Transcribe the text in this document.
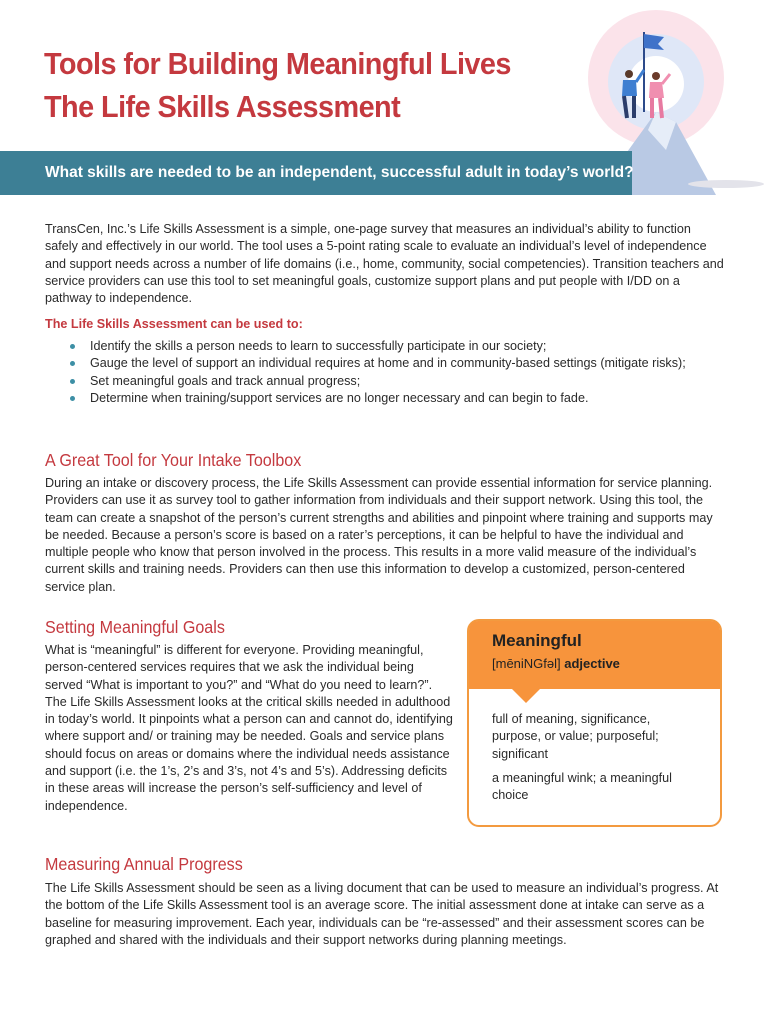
Tools for Building Meaningful Lives
The Life Skills Assessment
What skills are needed to be an independent, successful adult in today’s world?

TransCen, Inc.’s Life Skills Assessment is a simple, one-page survey that measures an individual’s ability to function safely and effectively in our world. The tool uses a 5-point rating scale to evaluate an individual’s level of independence and support needs across a number of life domains (i.e., home, community, social competencies). Transition teachers and service providers can use this tool to set meaningful goals, customize support plans and put people with I/DD on a pathway to independence.

The Life Skills Assessment can be used to:
Identify the skills a person needs to learn to successfully participate in our society;
Gauge the level of support an individual requires at home and in community-based settings (mitigate risks);
Set meaningful goals and track annual progress;
Determine when training/support services are no longer necessary and can begin to fade.
A Great Tool for Your Intake Toolbox

During an intake or discovery process, the Life Skills Assessment can provide essential information for service planning. Providers can use it as survey tool to gather information from individuals and their support network. Using this tool, the team can create a snapshot of the person’s current strengths and abilities and pinpoint where training and supports may be needed. Because a person’s score is based on a rater’s perceptions, it can be helpful to have the individual and multiple people who know that person involved in the process. This results in a more valid measure of the individual’s current skills and training needs. Providers can then use this information to develop a customized, person-centered service plan.

Setting Meaningful Goals

What is “meaningful” is different for everyone. Providing meaningful, person-centered services requires that we ask the individual being served “What is important to you?” and “What do you need to learn?”. The Life Skills Assessment looks at the critical skills needed in adulthood in today’s world. It pinpoints what a person can and cannot do, identifying where support and/ or training may be needed. Goals and service plans should focus on areas or domains where the individual needs assistance and support (i.e. the 1’s, 2’s and 3’s, not 4’s and 5’s). Addressing deficits in these areas will increase the person’s self-sufficiency and level of independence.

Meaningful
[mēniNGfəl] adjective

full of meaning, significance, purpose, or value; purposeful; significant

a meaningful wink; a meaningful choice

Measuring Annual Progress

The Life Skills Assessment should be seen as a living document that can be used to measure an individual’s progress. At the bottom of the Life Skills Assessment tool is an average score. The initial assessment done at intake can serve as a baseline for measuring improvement. Each year, individuals can be “re-assessed” and their assessment scores can be graphed and shared with the individuals and their support networks during planning meetings.
